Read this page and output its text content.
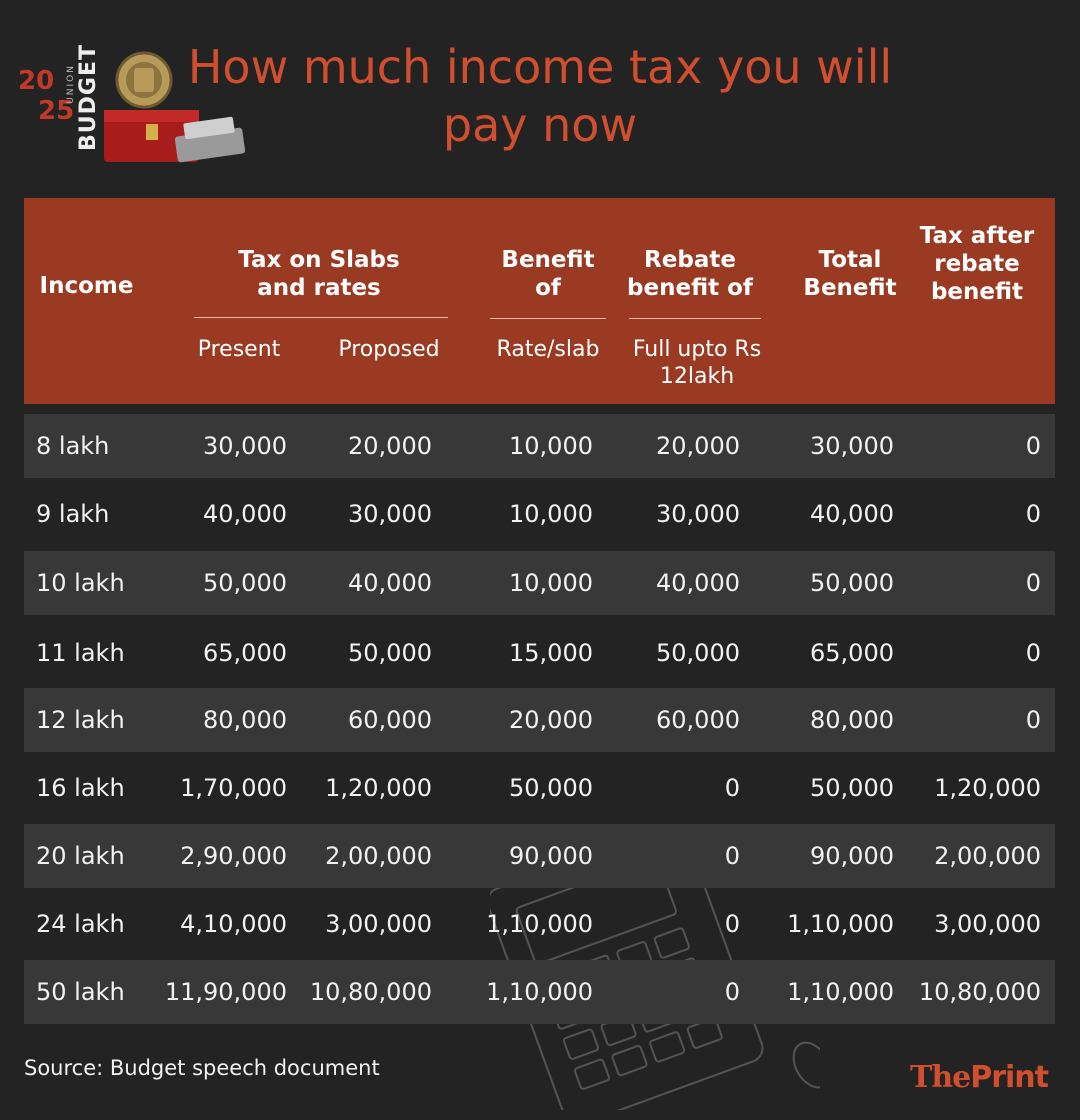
20
25
UNION BUDGET	How much income tax you will pay now
Income
Tax on Slabs and rates
Benefit of
Rebate benefit of
Total Benefit
Tax after rebate benefit
Present	Proposed	Rate/slab	Full upto Rs 12lakh
8 lakh	30,000	20,000	10,000	20,000	30,000	0
9 lakh	40,000	30,000	10,000	30,000	40,000	0
10 lakh	50,000	40,000	10,000	40,000	50,000	0
11 lakh	65,000	50,000	15,000	50,000	65,000	0
12 lakh	80,000	60,000	20,000	60,000	80,000	0
16 lakh 1,70,000 1,20,000	50,000	0	50,000 1,20,000
20 lakh 2,90,000 2,00,000	90,000	0	90,000 2,00,000
24 lakh 4,10,000 3,00,000 1,10,000	0 1,10,000 3,00,000
50 lakh 11,90,000 10,80,000 1,10,000	0 1,10,000 10,80,000
Source: Budget speech document	ThePrint
